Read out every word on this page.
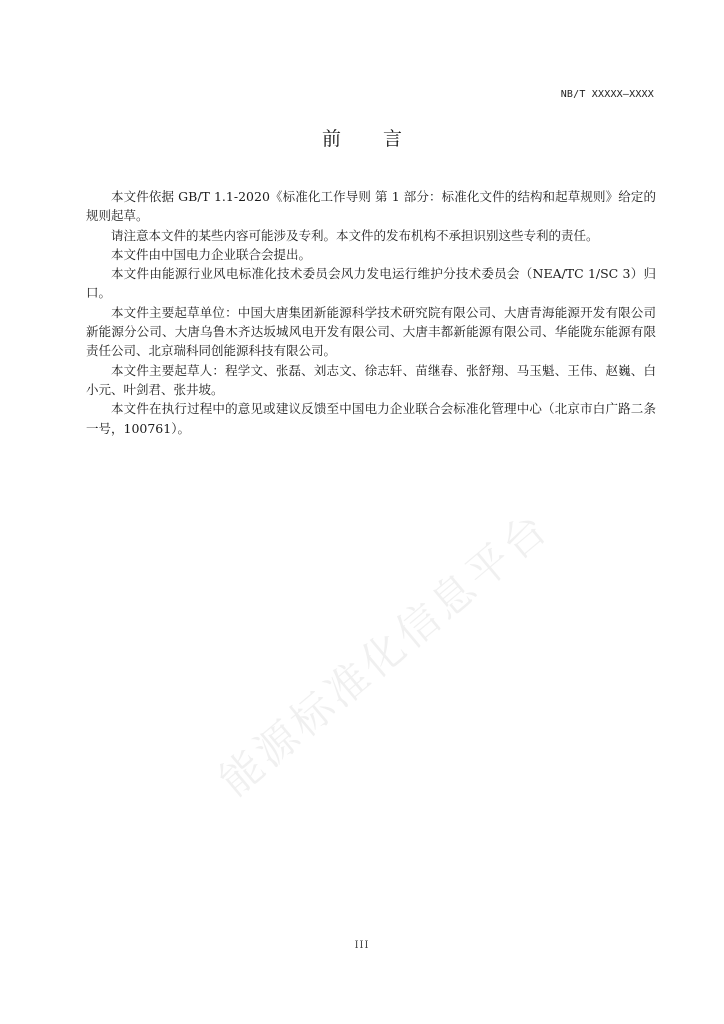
NB/T XXXXX—XXXX
前言

本文件依据 GB/T 1.1-2020《标准化工作导则 第 1 部分：标准化文件的结构和起草规则》给定的规则起草。

请注意本文件的某些内容可能涉及专利。本文件的发布机构不承担识别这些专利的责任。

本文件由中国电力企业联合会提出。

本文件由能源行业风电标准化技术委员会风力发电运行维护分技术委员会（NEA/TC 1/SC 3）归口。

本文件主要起草单位：中国大唐集团新能源科学技术研究院有限公司、大唐青海能源开发有限公司新能源分公司、大唐乌鲁木齐达坂城风电开发有限公司、大唐丰都新能源有限公司、华能陇东能源有限责任公司、北京瑞科同创能源科技有限公司。

本文件主要起草人：程学文、张磊、刘志文、徐志轩、苗继春、张舒翔、马玉魁、王伟、赵巍、白小元、叶剑君、张井坡。

本文件在执行过程中的意见或建议反馈至中国电力企业联合会标准化管理中心（北京市白广路二条一号，100761）。

能源标准化信息平台
III
